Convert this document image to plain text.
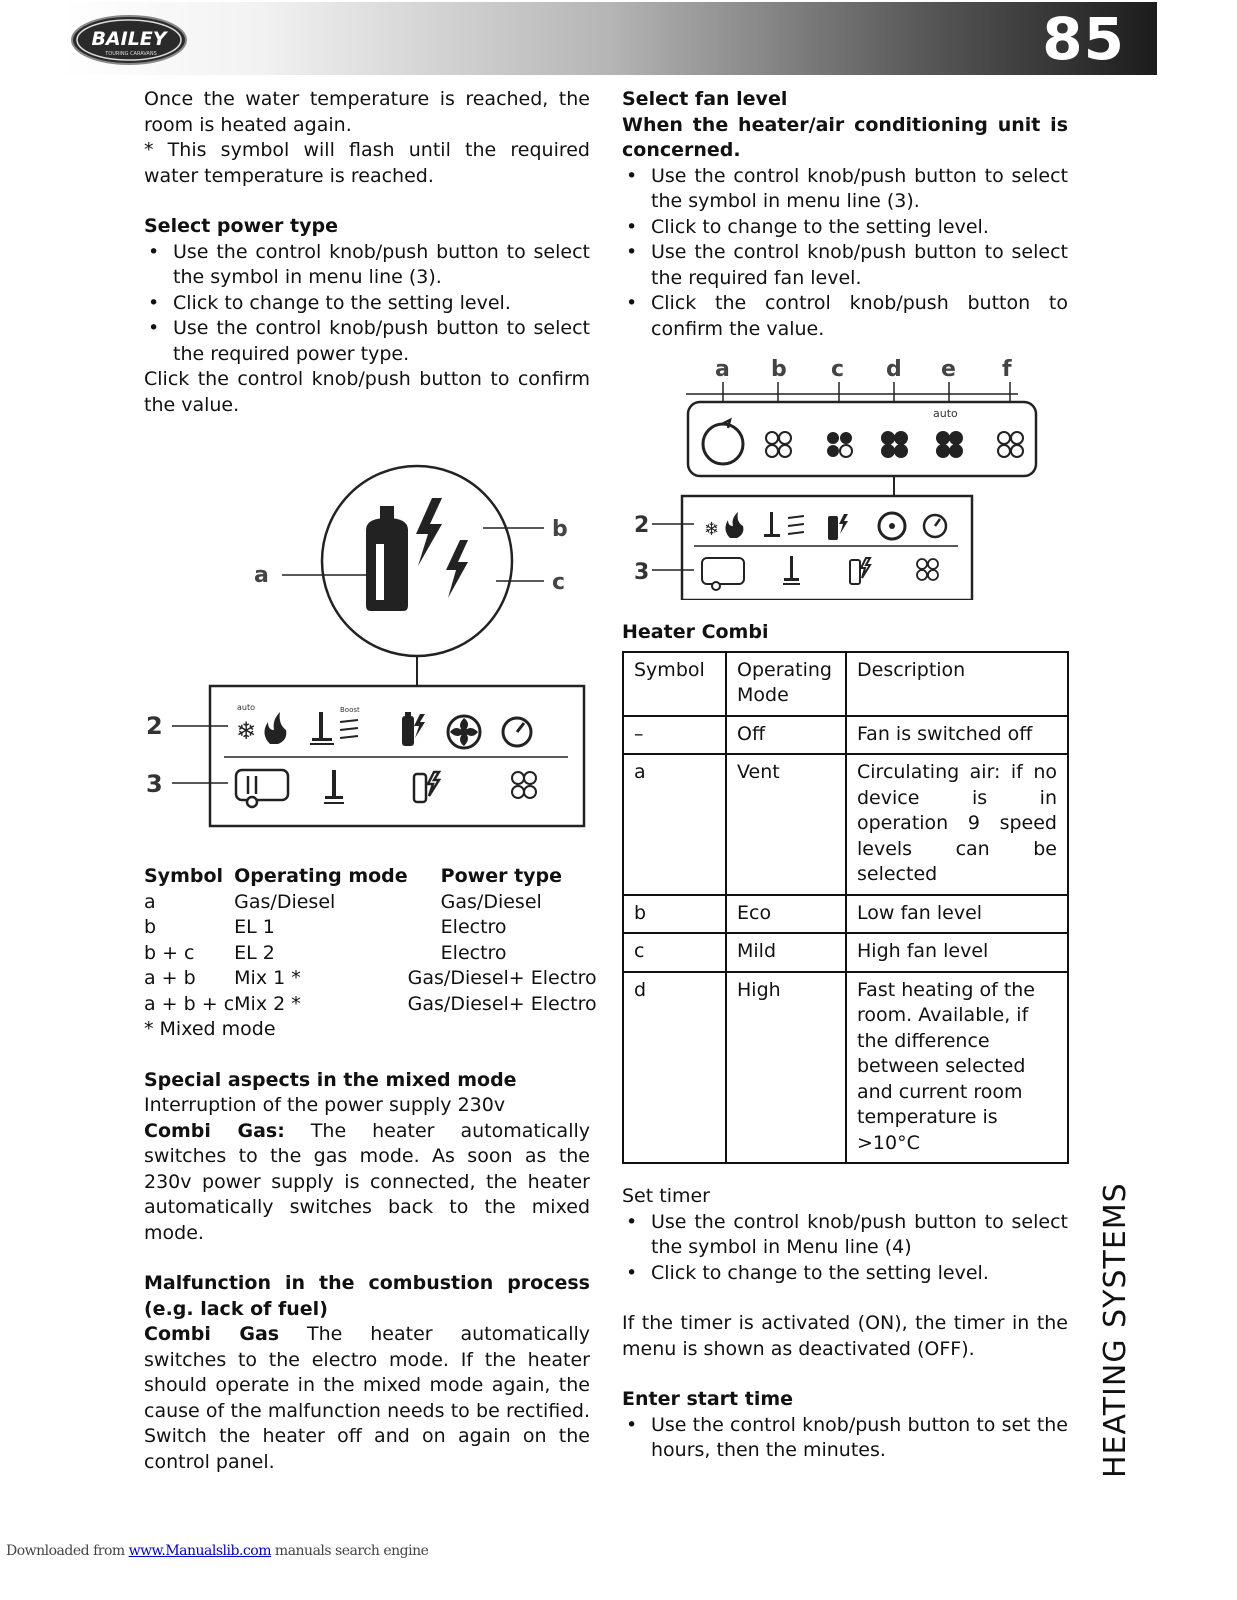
BAILEY
TOURING CARAVANS	85

Once the water temperature is reached, the room is heated again.

* This symbol will flash until the required water temperature is reached.

Select power type

• Use the control knob/push button to select the symbol in menu line (3).
• Click to change to the setting level.
• Use the control knob/push button to select the required power type.

Click the control knob/push button to confirm the value.

a
b
c
2
3
auto
❄
Boost
Symbol	Operating mode	Power type
a	Gas/Diesel	Gas/Diesel
b	EL 1	Electro
b + c	EL 2	Electro
a + b	Mix 1 *	Gas/Diesel+ Electro
a + b + c	Mix 2 *	Gas/Diesel+ Electro

* Mixed mode

Special aspects in the mixed mode

Interruption of the power supply 230v

Combi Gas: The heater automatically switches to the gas mode. As soon as the 230v power supply is connected, the heater automatically switches back to the mixed mode.

Malfunction in the combustion process (e.g. lack of fuel)

Combi Gas The heater automatically switches to the electro mode. If the heater should operate in the mixed mode again, the cause of the malfunction needs to be rectified. Switch the heater off and on again on the control panel.

Select fan level

When the heater/air conditioning unit is concerned.

• Use the control knob/push button to select the symbol in menu line (3).
• Click to change to the setting level.
• Use the control knob/push button to select the required fan level.
• Click the control knob/push button to confirm the value.
a b c d e f
auto
2
3
❄

Heater Combi

Symbol	Operating Mode	Description
–	Off	Fan is switched off
a	Vent	Circulating air: if no device is in operation 9 speed levels can be selected
b	Eco	Low fan level
c	Mild	High fan level
d	High	Fast heating of the room. Available, if the difference between selected and current room temperature is >10°C

Set timer

• Use the control knob/push button to select the symbol in Menu line (4)
• Click to change to the setting level.

If the timer is activated (ON), the timer in the menu is shown as deactivated (OFF).

Enter start time

• Use the control knob/push button to set the hours, then the minutes.	HEATING SYSTEMS
Downloaded from www.Manualslib.com manuals search engine
